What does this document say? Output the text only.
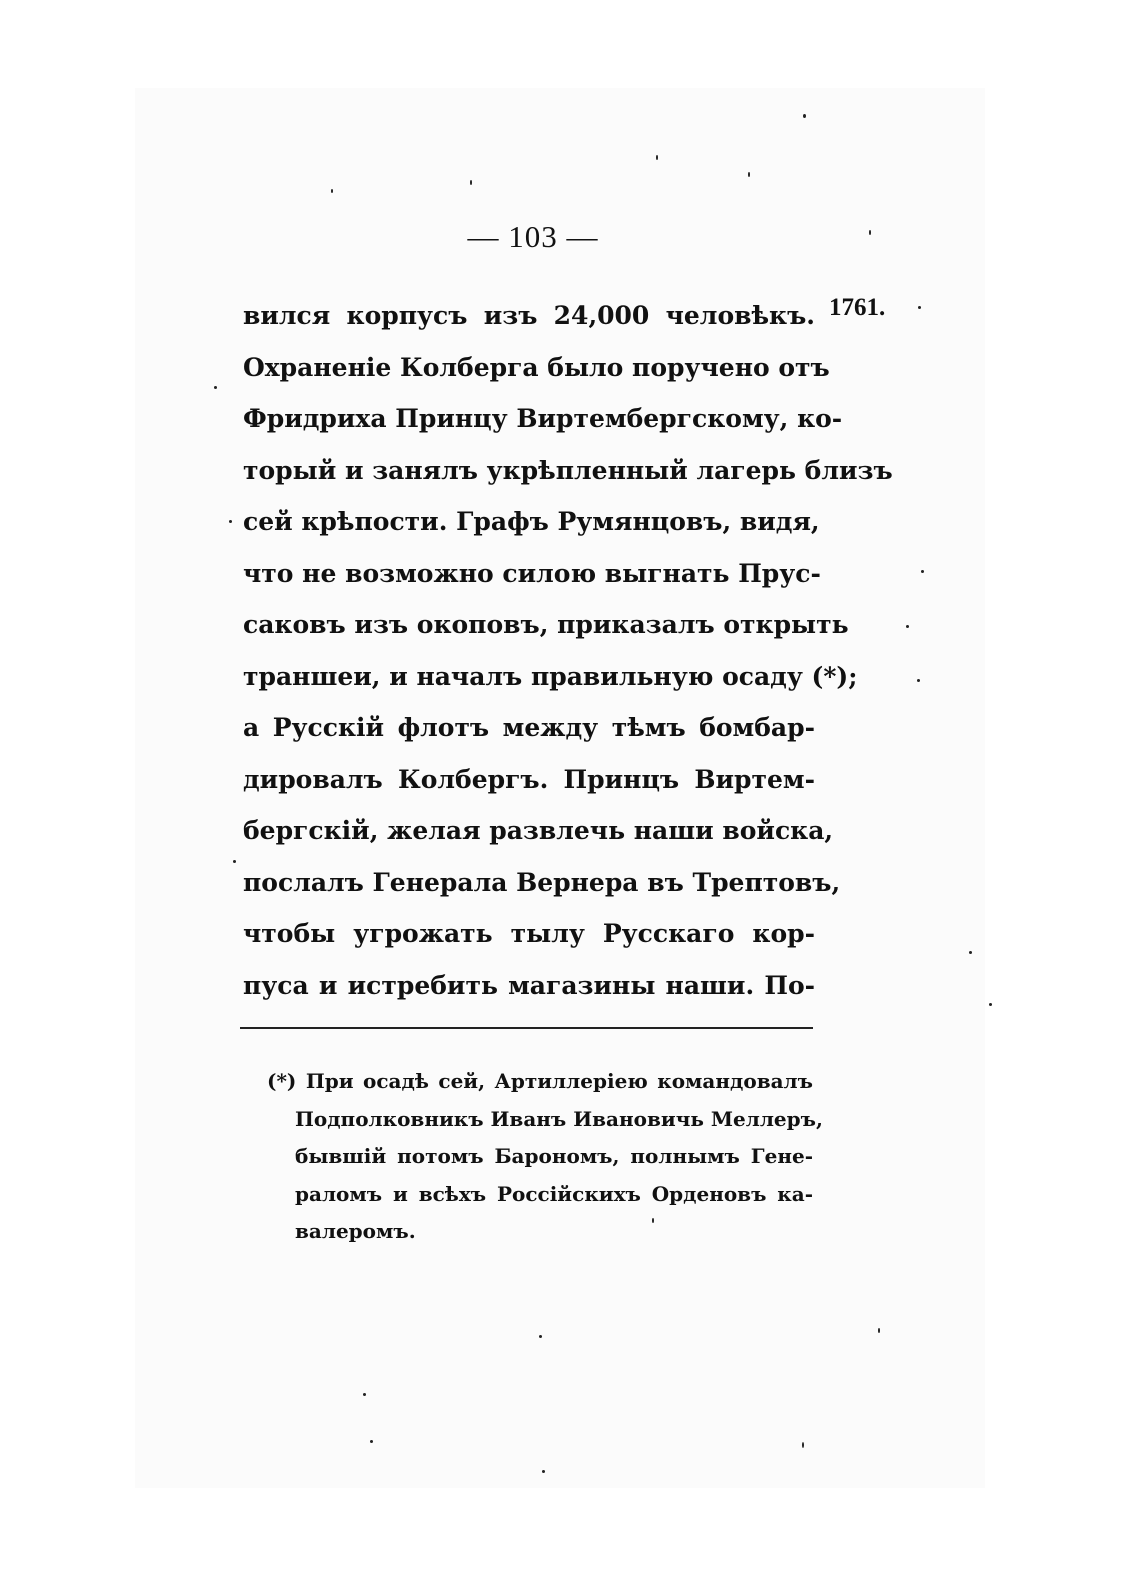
— 103 —
1761.
вился корпусъ изъ 24,000 человѣкъ.
Охраненіе Колберга было поручено отъ
Фридриха Принцу Виртембергскому, ко-
торый и занялъ укрѣпленный лагерь близъ
сей крѣпости. Графъ Румянцовъ, видя,
что не возможно силою выгнать Прус-
саковъ изъ окоповъ, приказалъ открыть
траншеи, и началъ правильную осаду (*);
а Русскій флотъ между тѣмъ бомбар-
дировалъ Колбергъ. Принцъ Виртем-
бергскій, желая развлечь наши войска,
послалъ Генерала Вернера въ Трептовъ,
чтобы угрожать тылу Русскаго кор-
пуса и истребить магазины наши. По-
(*) При осадѣ сей, Артиллеріею командовалъ
Подполковникъ Иванъ Ивановичь Меллеръ,
бывшій потомъ Барономъ, полнымъ Гене-
раломъ и всѣхъ Россійскихъ Орденовъ ка-
валеромъ.
